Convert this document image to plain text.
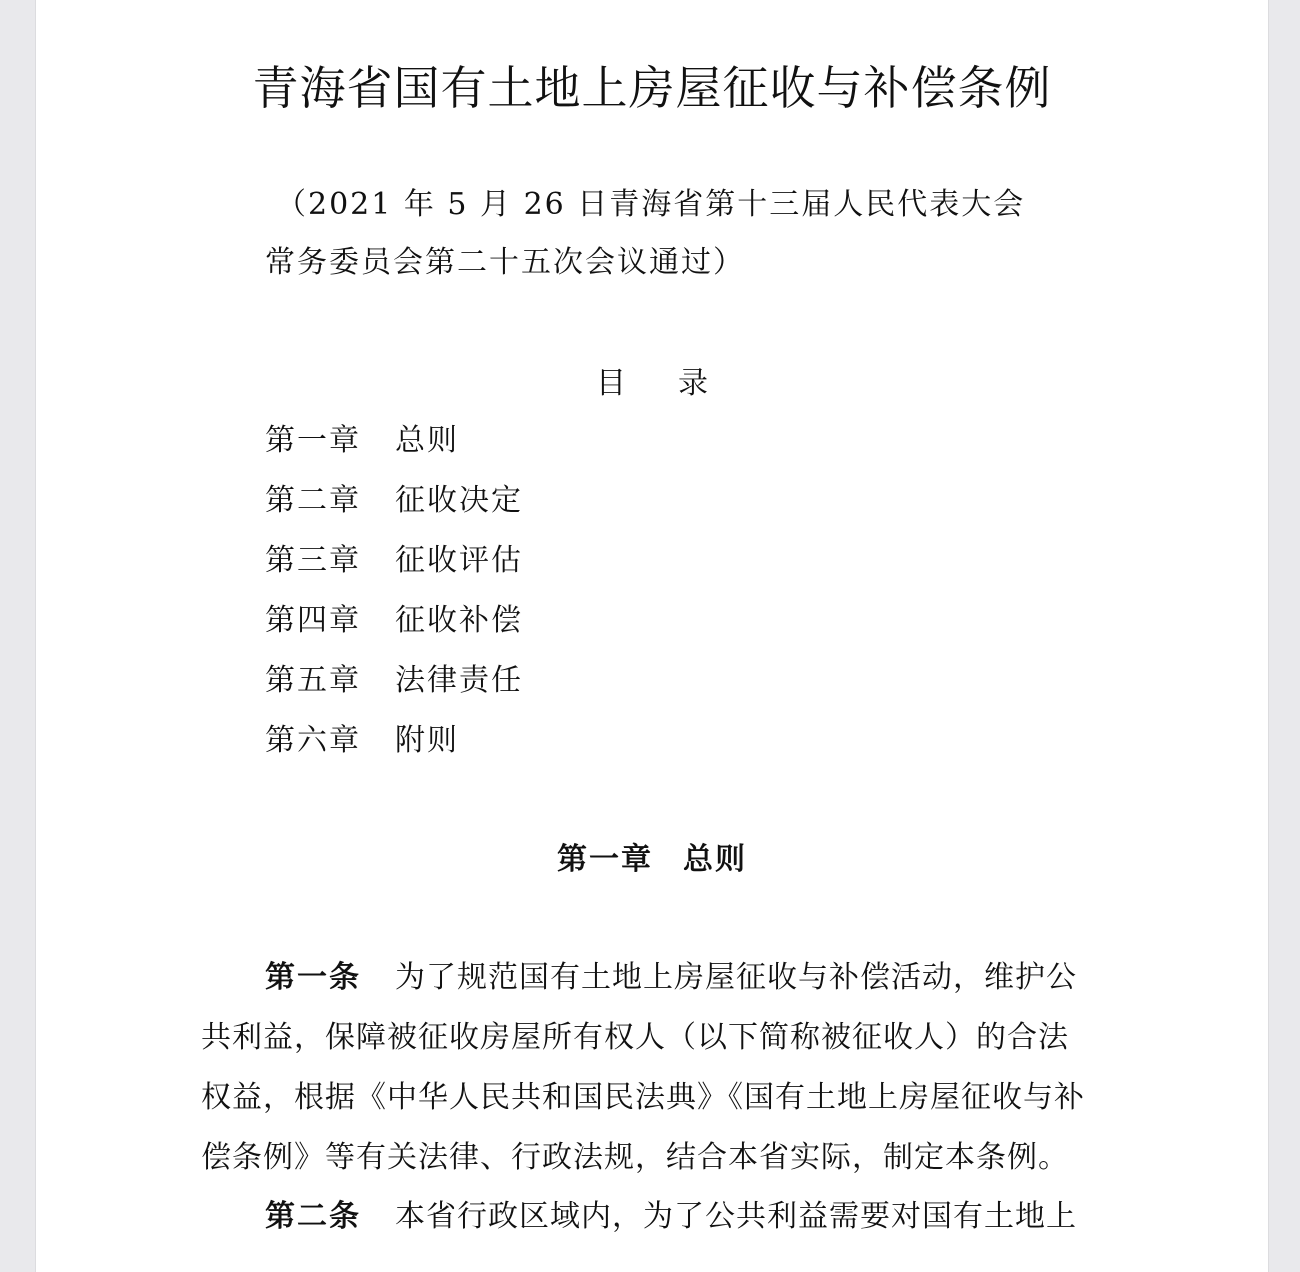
青海省国有土地上房屋征收与补偿条例
（2021 年 5 月 26 日青海省第十三届人民代表大会
常务委员会第二十五次会议通过）
目录
第一章 总则
第二章 征收决定
第三章 征收评估
第四章 征收补偿
第五章 法律责任
第六章 附则
第一章 总则
第一条 为了规范国有土地上房屋征收与补偿活动，维护公
共利益，保障被征收房屋所有权人（以下简称被征收人）的合法
权益，根据《中华人民共和国民法典》《国有土地上房屋征收与补
偿条例》等有关法律、行政法规，结合本省实际，制定本条例。
第二条 本省行政区域内，为了公共利益需要对国有土地上
